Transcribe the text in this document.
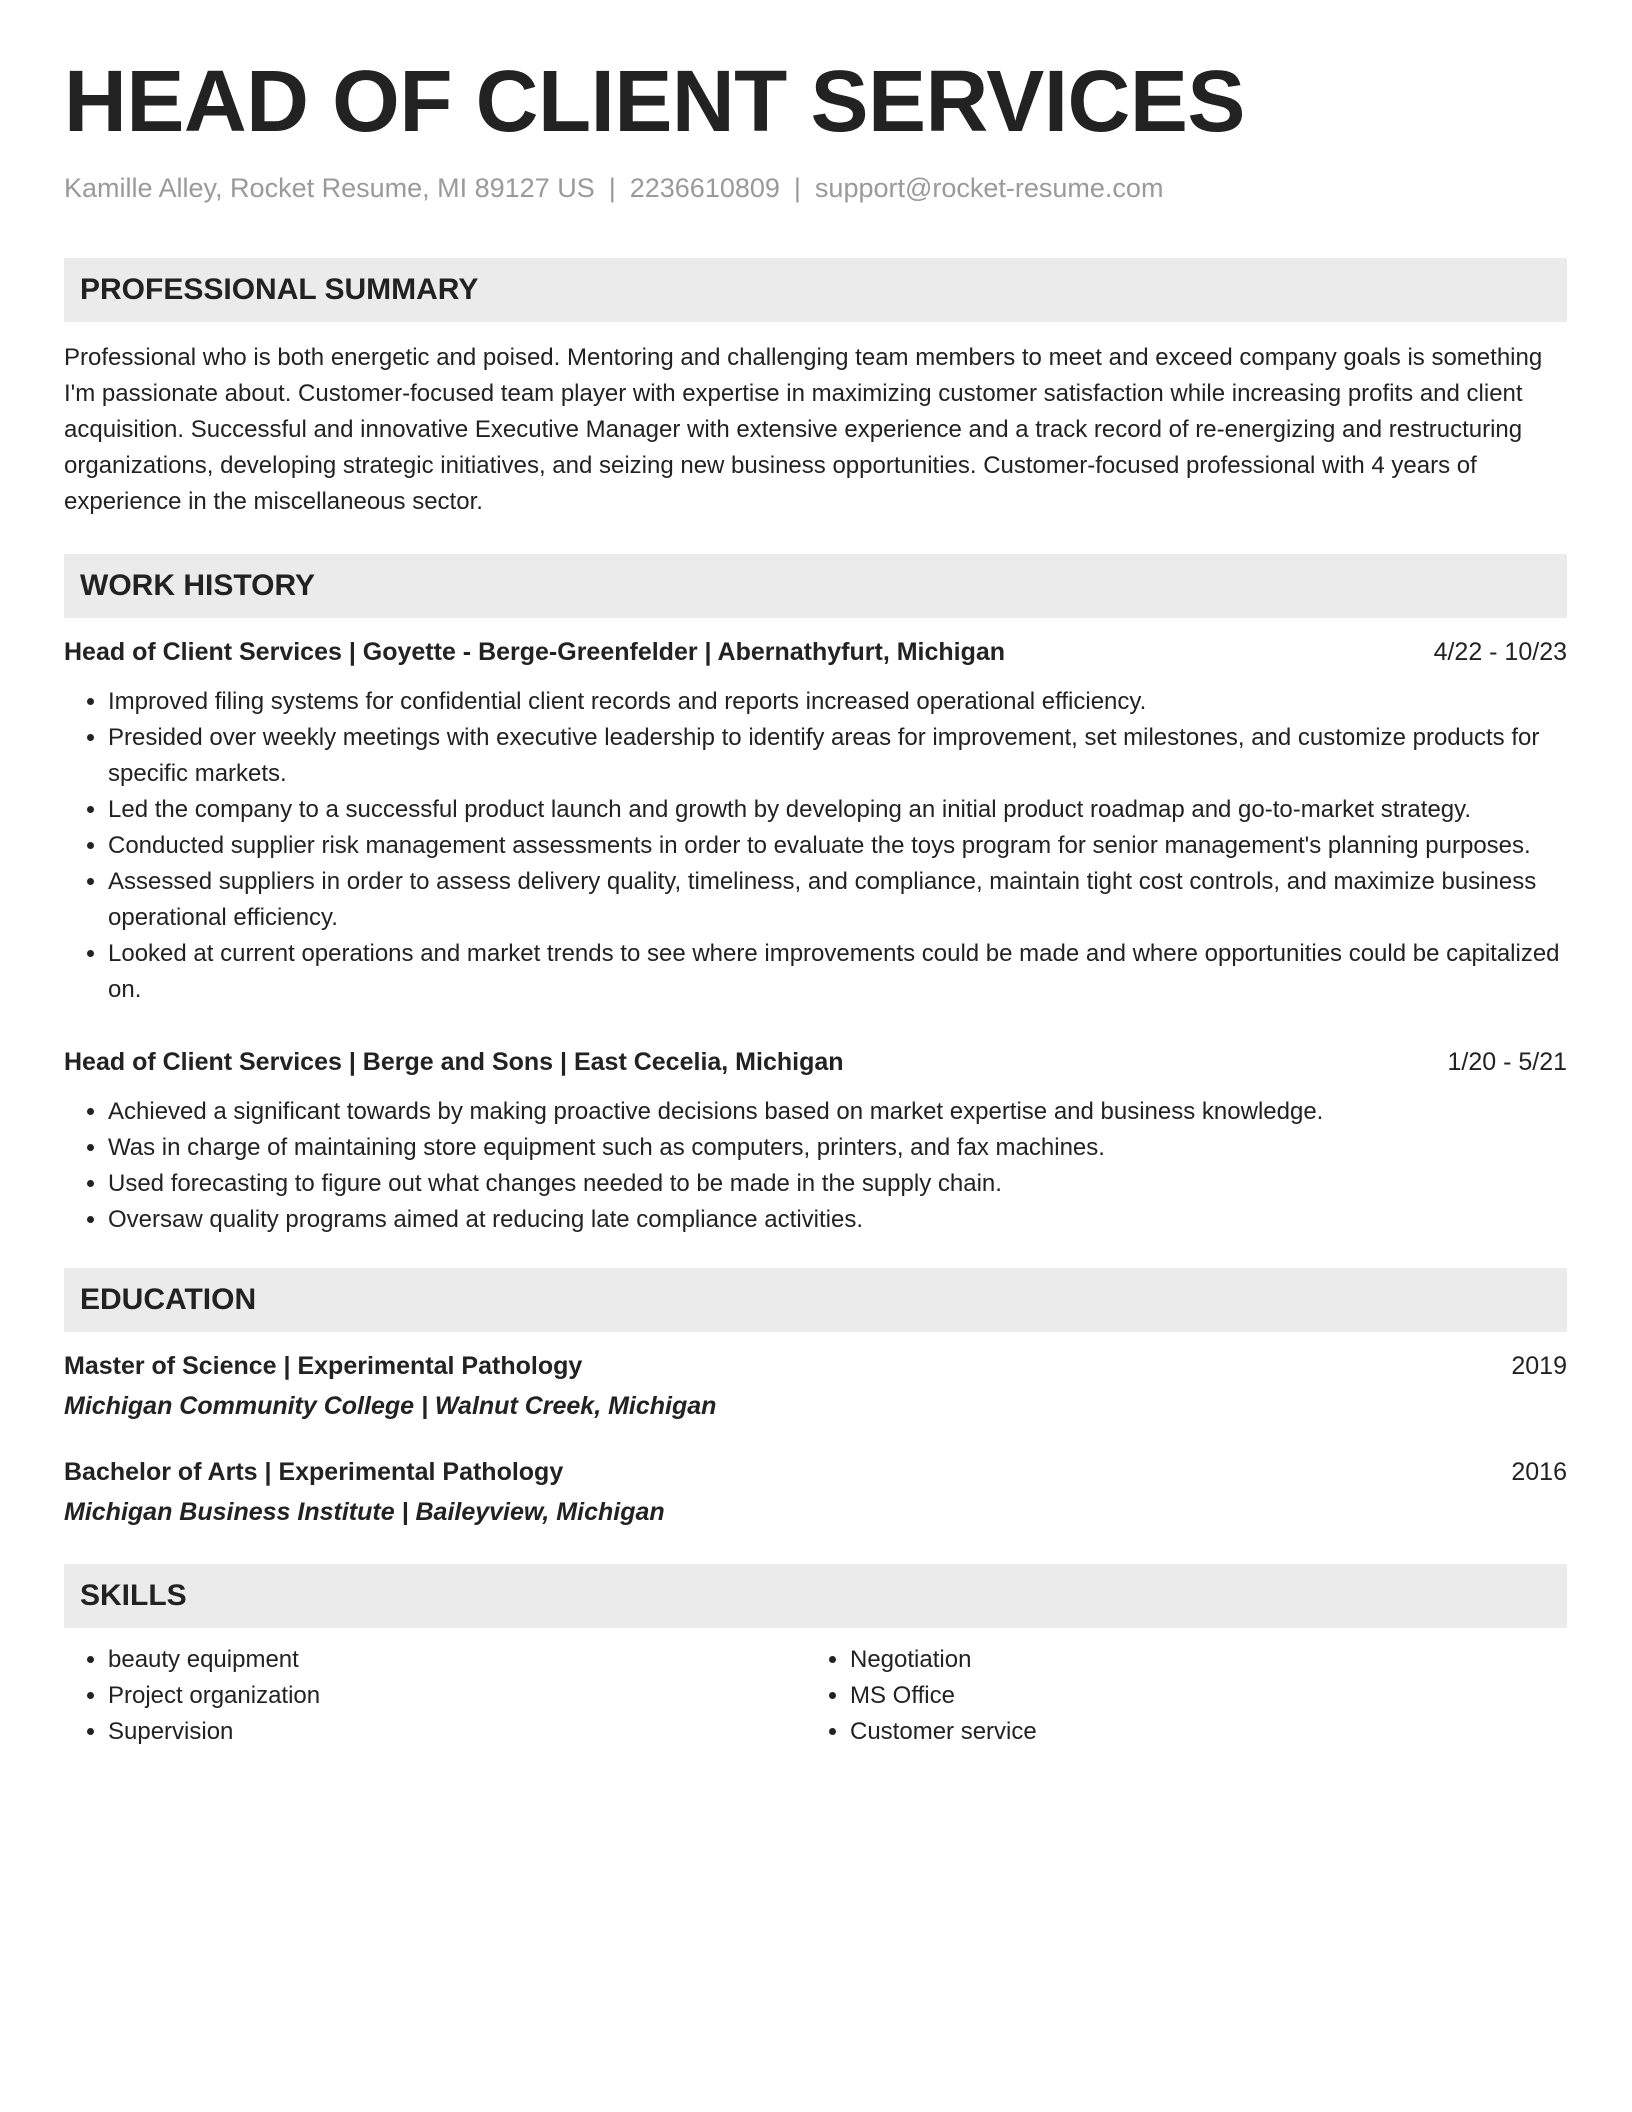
HEAD OF CLIENT SERVICES
Kamille Alley, Rocket Resume, MI 89127 US | 2236610809 | support@rocket-resume.com
PROFESSIONAL SUMMARY

Professional who is both energetic and poised. Mentoring and challenging team members to meet and exceed company goals is something I'm passionate about. Customer-focused team player with expertise in maximizing customer satisfaction while increasing profits and client acquisition. Successful and innovative Executive Manager with extensive experience and a track record of re-energizing and restructuring organizations, developing strategic initiatives, and seizing new business opportunities. Customer-focused professional with 4 years of experience in the miscellaneous sector.

WORK HISTORY
Head of Client Services | Goyette - Berge-Greenfelder | Abernathyfurt, Michigan	4/22 - 10/23
• Improved filing systems for confidential client records and reports increased operational efficiency.
• Presided over weekly meetings with executive leadership to identify areas for improvement, set milestones, and customize products for specific markets.
• Led the company to a successful product launch and growth by developing an initial product roadmap and go-to-market strategy.
• Conducted supplier risk management assessments in order to evaluate the toys program for senior management's planning purposes.
• Assessed suppliers in order to assess delivery quality, timeliness, and compliance, maintain tight cost controls, and maximize business operational efficiency.
• Looked at current operations and market trends to see where improvements could be made and where opportunities could be capitalized on.
Head of Client Services | Berge and Sons | East Cecelia, Michigan	1/20 - 5/21
• Achieved a significant towards by making proactive decisions based on market expertise and business knowledge.
• Was in charge of maintaining store equipment such as computers, printers, and fax machines.
• Used forecasting to figure out what changes needed to be made in the supply chain.
• Oversaw quality programs aimed at reducing late compliance activities.
EDUCATION
Master of Science | Experimental Pathology	2019
Michigan Community College | Walnut Creek, Michigan
Bachelor of Arts | Experimental Pathology	2016
Michigan Business Institute | Baileyview, Michigan
SKILLS
• beauty equipment
• Project organization
• Supervision
• Negotiation
• MS Office
• Customer service
